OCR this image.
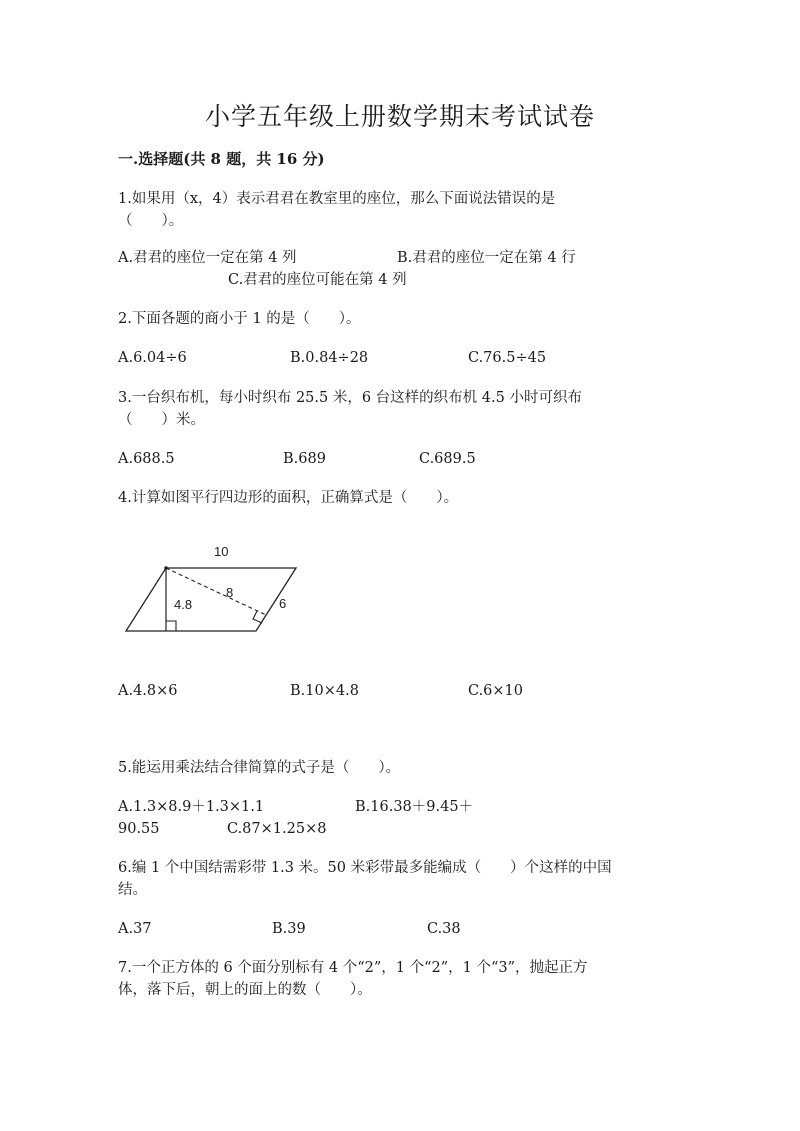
小学五年级上册数学期末考试试卷
一.选择题(共 8 题，共 16 分)
1.如果用（x，4）表示君君在教室里的座位，那么下面说法错误的是
（　　）。
A.君君的座位一定在第 4 列	B.君君的座位一定在第 4 行
C.君君的座位可能在第 4 列
2.下面各题的商小于 1 的是（　　）。
A.6.04÷6	B.0.84÷28	C.76.5÷45
3.一台织布机，每小时织布 25.5 米，6 台这样的织布机 4.5 小时可织布
（　　）米。
A.688.5	B.689	C.689.5
4.计算如图平行四边形的面积，正确算式是（　　）。
10
4.8
8
6
A.4.8×6	B.10×4.8	C.6×10
5.能运用乘法结合律简算的式子是（　　）。
A.1.3×8.9＋1.3×1.1	B.16.38＋9.45＋
90.55	C.87×1.25×8
6.编 1 个中国结需彩带 1.3 米。50 米彩带最多能编成（　　）个这样的中国
结。
A.37	B.39	C.38
7.一个正方体的 6 个面分别标有 4 个“2”，1 个“2”，1 个“3”，抛起正方
体，落下后，朝上的面上的数（　　）。
